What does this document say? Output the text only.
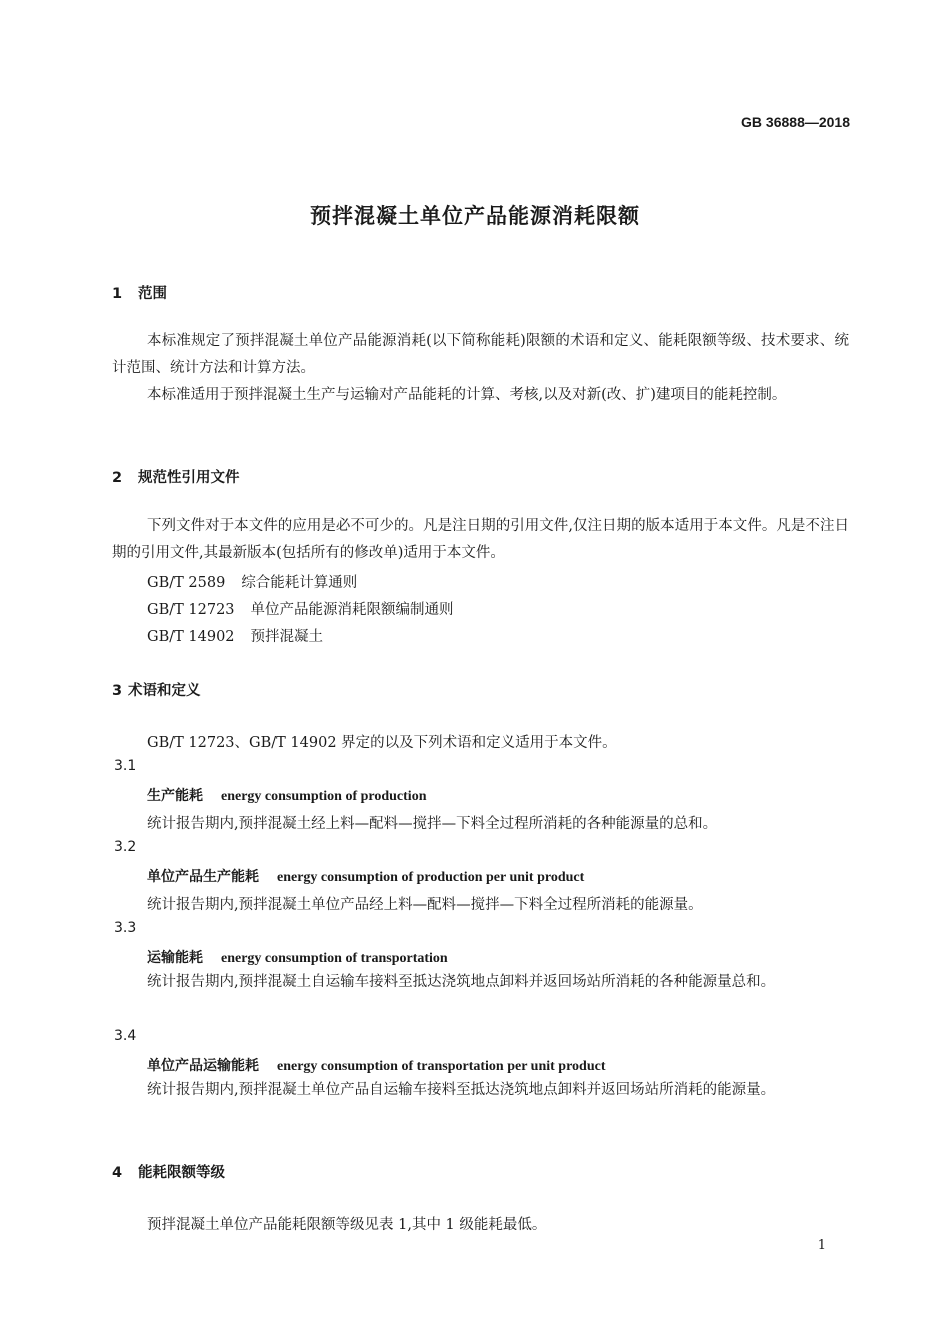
GB 36888—2018
预拌混凝土单位产品能源消耗限额
1 范围
本标准规定了预拌混凝土单位产品能源消耗(以下简称能耗)限额的术语和定义、能耗限额等级、技术要求、统计范围、统计方法和计算方法。
本标准适用于预拌混凝土生产与运输对产品能耗的计算、考核,以及对新(改、扩)建项目的能耗控制。
2 规范性引用文件
下列文件对于本文件的应用是必不可少的。凡是注日期的引用文件,仅注日期的版本适用于本文件。凡是不注日期的引用文件,其最新版本(包括所有的修改单)适用于本文件。
GB/T 2589 综合能耗计算通则
GB/T 12723 单位产品能源消耗限额编制通则
GB/T 14902 预拌混凝土
3 术语和定义
GB/T 12723、GB/T 14902 界定的以及下列术语和定义适用于本文件。
3.1
生产能耗 energy consumption of production
统计报告期内,预拌混凝土经上料—配料—搅拌—下料全过程所消耗的各种能源量的总和。
3.2
单位产品生产能耗 energy consumption of production per unit product
统计报告期内,预拌混凝土单位产品经上料—配料—搅拌—下料全过程所消耗的能源量。
3.3
运输能耗 energy consumption of transportation
统计报告期内,预拌混凝土自运输车接料至抵达浇筑地点卸料并返回场站所消耗的各种能源量总和。
3.4
单位产品运输能耗 energy consumption of transportation per unit product
统计报告期内,预拌混凝土单位产品自运输车接料至抵达浇筑地点卸料并返回场站所消耗的能源量。
4 能耗限额等级
预拌混凝土单位产品能耗限额等级见表 1,其中 1 级能耗最低。
1
